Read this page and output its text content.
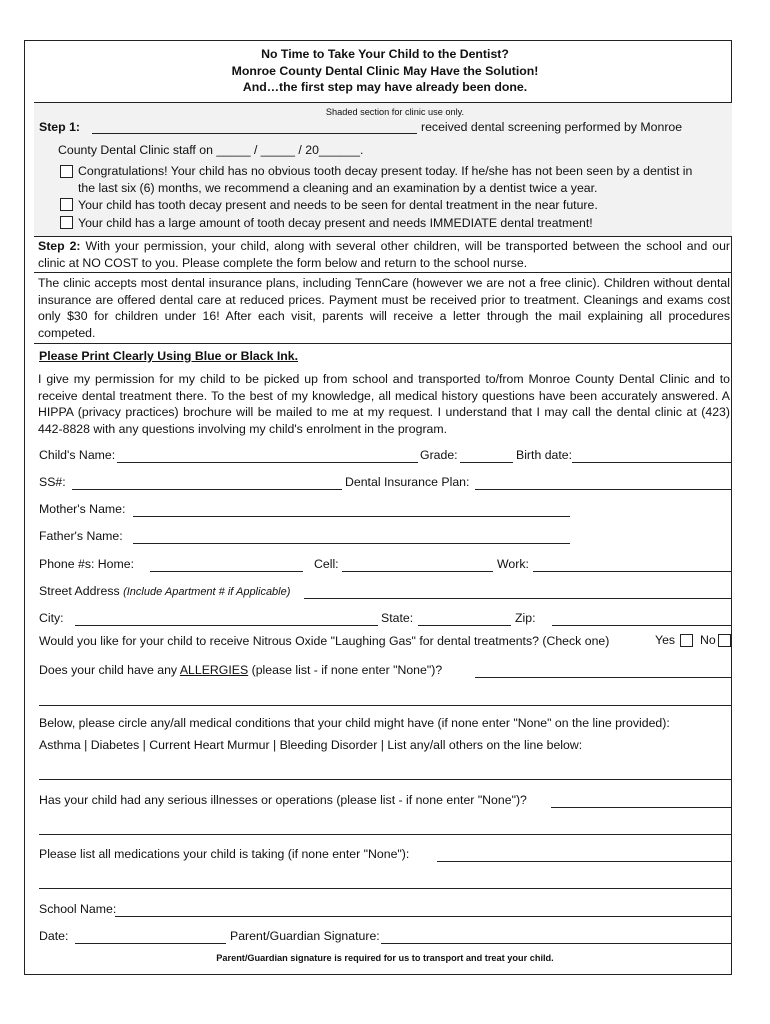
No Time to Take Your Child to the Dentist?
Monroe County Dental Clinic May Have the Solution!
And…the first step may have already been done.
Shaded section for clinic use only.
Step 1:	received dental screening performed by Monroe
County Dental Clinic staff on _____ / _____ / 20______.
Congratulations! Your child has no obvious tooth decay present today. If he/she has not been seen by a dentist in
the last six (6) months, we recommend a cleaning and an examination by a dentist twice a year.
Your child has tooth decay present and needs to be seen for dental treatment in the near future.
Your child has a large amount of tooth decay present and needs IMMEDIATE dental treatment!
Step 2: With your permission, your child, along with several other children, will be transported between the school and our clinic at NO COST to you. Please complete the form below and return to the school nurse.
The clinic accepts most dental insurance plans, including TennCare (however we are not a free clinic). Children without dental insurance are offered dental care at reduced prices. Payment must be received prior to treatment. Cleanings and exams cost only $30 for children under 16! After each visit, parents will receive a letter through the mail explaining all procedures competed.
Please Print Clearly Using Blue or Black Ink.
I give my permission for my child to be picked up from school and transported to/from Monroe County Dental Clinic and to receive dental treatment there. To the best of my knowledge, all medical history questions have been accurately answered. A HIPPA (privacy practices) brochure will be mailed to me at my request. I understand that I may call the dental clinic at (423) 442-8828 with any questions involving my child's enrolment in the program.
Child's Name:	Grade:	Birth date:
SS#:	Dental Insurance Plan:
Mother's Name:
Father's Name:
Phone #s: Home:	Cell:	Work:
Street Address (Include Apartment # if Applicable)
City:	State:	Zip:
Would you like for your child to receive Nitrous Oxide "Laughing Gas" for dental treatments? (Check one)	Yes No
Does your child have any ALLERGIES (please list - if none enter "None")?
Below, please circle any/all medical conditions that your child might have (if none enter "None" on the line provided):
Asthma | Diabetes | Current Heart Murmur | Bleeding Disorder | List any/all others on the line below:
Has your child had any serious illnesses or operations (please list - if none enter "None")?
Please list all medications your child is taking (if none enter "None"):
School Name:
Date:	Parent/Guardian Signature:
Parent/Guardian signature is required for us to transport and treat your child.
